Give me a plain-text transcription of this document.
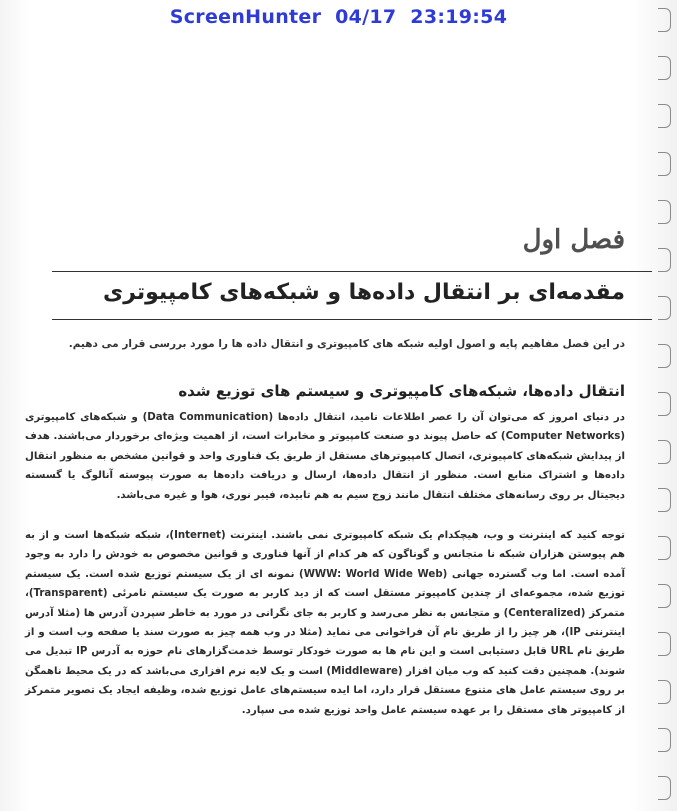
ScreenHunter 04/17 23:19:54
فصل اول
مقدمه‌ای بر انتقال داده‌ها و شبکه‌های کامپیوتری
در این فصل مفاهیم پایه و اصول اولیه شبکه های کامپیوتری و انتقال داده ها را مورد بررسی قرار می دهیم.
انتقال داده‌ها، شبکه‌های کامپیوتری و سیستم های توزیع شده
در دنیای امروز که می‌توان آن را عصر اطلاعات نامید، انتقال داده‌ها (Data Communication) و شبکه‌های کامپیوتری (Computer Networks) که حاصل پیوند دو صنعت کامپیوتر و مخابرات است، از اهمیت ویژه‌ای برخوردار می‌باشند. هدف از پیدایش شبکه‌های کامپیوتری، اتصال کامپیوترهای مستقل از طریق یک فناوری واحد و قوانین مشخص به منظور انتقال داده‌ها و اشتراک منابع است. منظور از انتقال داده‌ها، ارسال و دریافت داده‌ها به صورت پیوسته آنالوگ یا گسسته دیجیتال بر روی رسانه‌های مختلف انتقال مانند زوج سیم به هم تابیده، فیبر نوری، هوا و غیره می‌باشد.
توجه کنید که اینترنت و وب، هیچکدام یک شبکه کامپیوتری نمی باشند. اینترنت (Internet)، شبکه شبکه‌ها است و از به هم پیوستن هزاران شبکه نا متجانس و گوناگون که هر کدام از آنها فناوری و قوانین مخصوص به خودش را دارد به وجود آمده است. اما وب گسترده جهانی (WWW: World Wide Web) نمونه ای از یک سیستم توزیع شده است. یک سیستم توزیع شده، مجموعه‌ای از چندین کامپیوتر مستقل است که از دید کاربر به صورت یک سیستم نامرئی (Transparent)، متمرکز (Centeralized) و متجانس به نظر می‌رسد و کاربر به جای نگرانی در مورد به خاطر سپردن آدرس ها (مثلا آدرس اینترنتی IP)، هر چیز را از طریق نام آن فراخوانی می نماید (مثلا در وب همه چیز به صورت سند یا صفحه وب است و از طریق نام URL قابل دستیابی است و این نام ها به صورت خودکار توسط خدمت‌گزارهای نام حوزه به آدرس IP تبدیل می شوند). همچنین دقت کنید که وب میان افزار (Middleware) است و یک لایه نرم افزاری می‌باشد که در یک محیط ناهمگن بر روی سیستم عامل های متنوع مستقل قرار دارد، اما ایده سیستم‌های عامل توزیع شده، وظیفه ایجاد یک تصویر متمرکز از کامپیوتر های مستقل را بر عهده سیستم عامل واحد توزیع شده می سپارد.
